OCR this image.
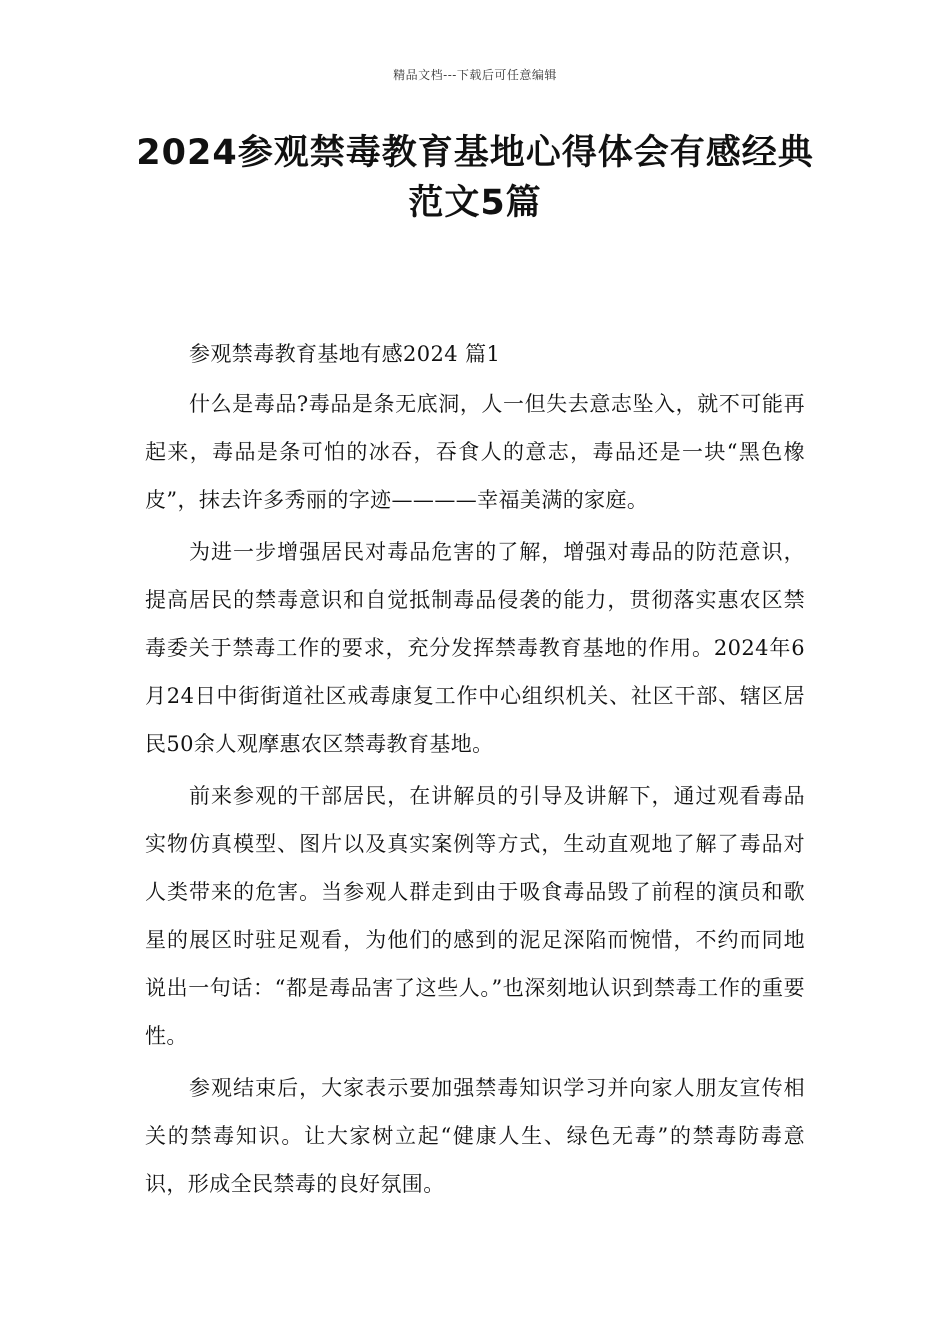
精品文档---下载后可任意编辑
2024参观禁毒教育基地心得体会有感经典范文5篇

参观禁毒教育基地有感2024 篇1

什么是毒品?毒品是条无底洞，人一但失去意志坠入，就不可能再起来，毒品是条可怕的冰吞，吞食人的意志，毒品还是一块“黑色橡皮”，抹去许多秀丽的字迹————幸福美满的家庭。

为进一步增强居民对毒品危害的了解，增强对毒品的防范意识，提高居民的禁毒意识和自觉抵制毒品侵袭的能力，贯彻落实惠农区禁毒委关于禁毒工作的要求，充分发挥禁毒教育基地的作用。2024年6月24日中街街道社区戒毒康复工作中心组织机关、社区干部、辖区居民50余人观摩惠农区禁毒教育基地。

前来参观的干部居民，在讲解员的引导及讲解下，通过观看毒品实物仿真模型、图片以及真实案例等方式，生动直观地了解了毒品对人类带来的危害。当参观人群走到由于吸食毒品毁了前程的演员和歌星的展区时驻足观看，为他们的感到的泥足深陷而惋惜，不约而同地说出一句话：“都是毒品害了这些人。”也深刻地认识到禁毒工作的重要性。

参观结束后，大家表示要加强禁毒知识学习并向家人朋友宣传相关的禁毒知识。让大家树立起“健康人生、绿色无毒”的禁毒防毒意识，形成全民禁毒的良好氛围。
